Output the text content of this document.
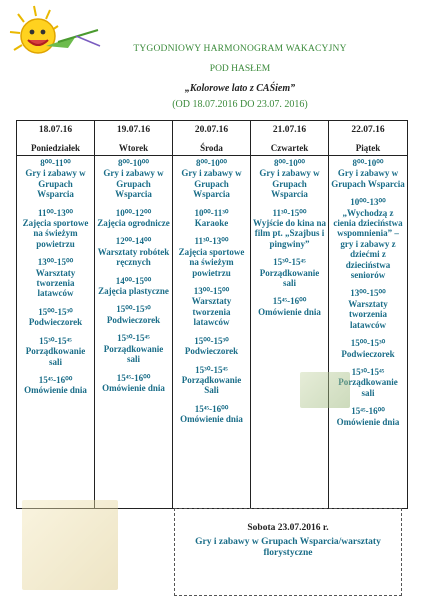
TYGODNIOWY HARMONOGRAM WAKACYJNY
POD HASŁEM
„Kolorowe lato z CAŚiem”
(OD 18.07.2016 DO 23.07. 2016)
18.07.16
Poniedziałek
8⁰⁰-11⁰⁰
Gry i zabawy w Grupach Wsparcia
11⁰⁰-13⁰⁰
Zajęcia sportowe na świeżym powietrzu
13⁰⁰-15⁰⁰
Warsztaty tworzenia latawców
15⁰⁰-15³⁰
Podwieczorek
15³⁰-15⁴⁵
Porządkowanie sali
15⁴⁵-16⁰⁰
Omówienie dnia
19.07.16
Wtorek
8⁰⁰-10⁰⁰
Gry i zabawy w Grupach Wsparcia
10⁰⁰-12⁰⁰
Zajęcia ogrodnicze
12⁰⁰-14⁰⁰
Warsztaty robótek ręcznych
14⁰⁰-15⁰⁰
Zajęcia plastyczne
15⁰⁰-15³⁰
Podwieczorek
15³⁰-15⁴⁵
Porządkowanie sali
15⁴⁵-16⁰⁰
Omówienie dnia
20.07.16
Środa
8⁰⁰-10⁰⁰
Gry i zabawy w Grupach Wsparcia
10⁰⁰-11³⁰
Karaoke
11³⁰-13⁰⁰
Zajęcia sportowe na świeżym powietrzu
13⁰⁰-15⁰⁰
Warsztaty tworzenia latawców
15⁰⁰-15³⁰
Podwieczorek
15³⁰-15⁴⁵
Porządkowanie Sali
15⁴⁵-16⁰⁰
Omówienie dnia
21.07.16
Czwartek
8⁰⁰-10⁰⁰
Gry i zabawy w Grupach Wsparcia
11³⁰-15⁰⁰
Wyjście do kina na film pt. „Szajbus i pingwiny”
15³⁰-15⁴⁵
Porządkowanie sali
15⁴⁵-16⁰⁰
Omówienie dnia
22.07.16
Piątek
8⁰⁰-10⁰⁰
Gry i zabawy w Grupach Wsparcia
10⁰⁰-13⁰⁰
„Wychodzą z cienia dzieciństwa wspomnienia” – gry i zabawy z dziećmi z dzieciństwa seniorów
13⁰⁰-15⁰⁰
Warsztaty tworzenia latawców
15⁰⁰-15³⁰
Podwieczorek
15³⁰-15⁴⁵
Porządkowanie sali
15⁴⁵-16⁰⁰
Omówienie dnia
Sobota 23.07.2016 r.
Gry i zabawy w Grupach Wsparcia/warsztaty florystyczne
